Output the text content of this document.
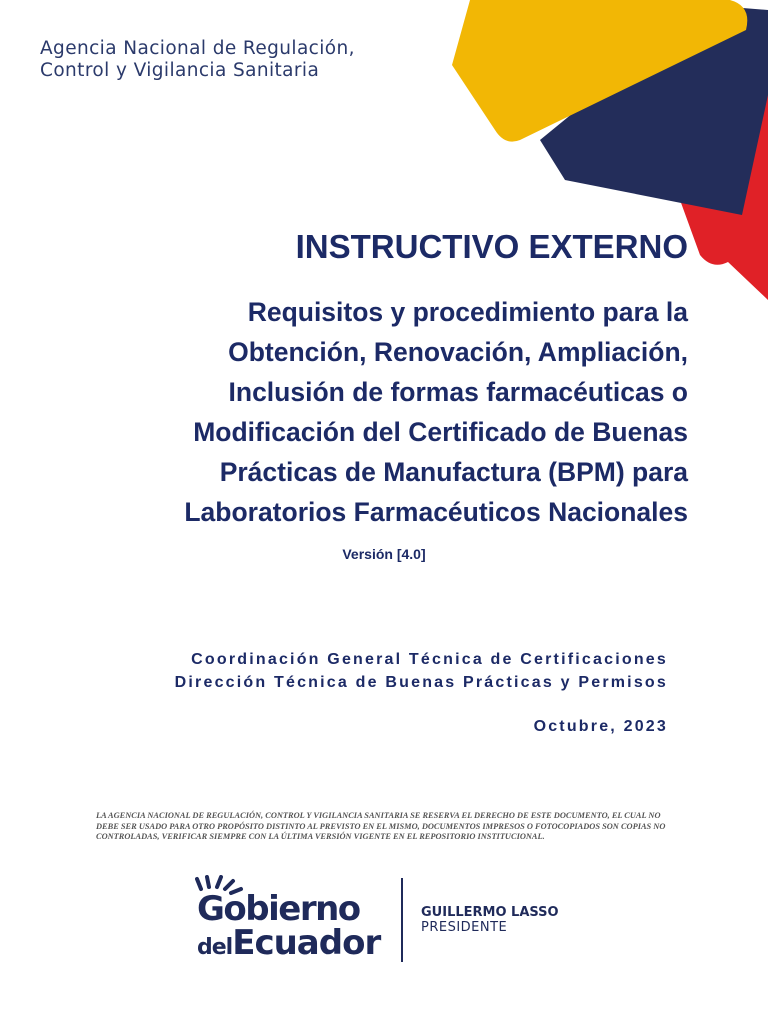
Agencia Nacional de Regulación,
Control y Vigilancia Sanitaria
INSTRUCTIVO EXTERNO
Requisitos y procedimiento para la
Obtención, Renovación, Ampliación,
Inclusión de formas farmacéuticas o
Modificación del Certificado de Buenas
Prácticas de Manufactura (BPM) para
Laboratorios Farmacéuticos Nacionales
Versión [4.0]
Coordinación General Técnica de Certificaciones
Dirección Técnica de Buenas Prácticas y Permisos
Octubre, 2023
LA AGENCIA NACIONAL DE REGULACIÓN, CONTROL Y VIGILANCIA SANITARIA SE RESERVA EL DERECHO DE ESTE DOCUMENTO, EL CUAL NO DEBE SER USADO PARA OTRO PROPÓSITO DISTINTO AL PREVISTO EN EL MISMO, DOCUMENTOS IMPRESOS O FOTOCOPIADOS SON COPIAS NO CONTROLADAS, VERIFICAR SIEMPRE CON LA ÚLTIMA VERSIÓN VIGENTE EN EL REPOSITORIO INSTITUCIONAL.
Gobierno
delEcuador
GUILLERMO LASSO
PRESIDENTE
